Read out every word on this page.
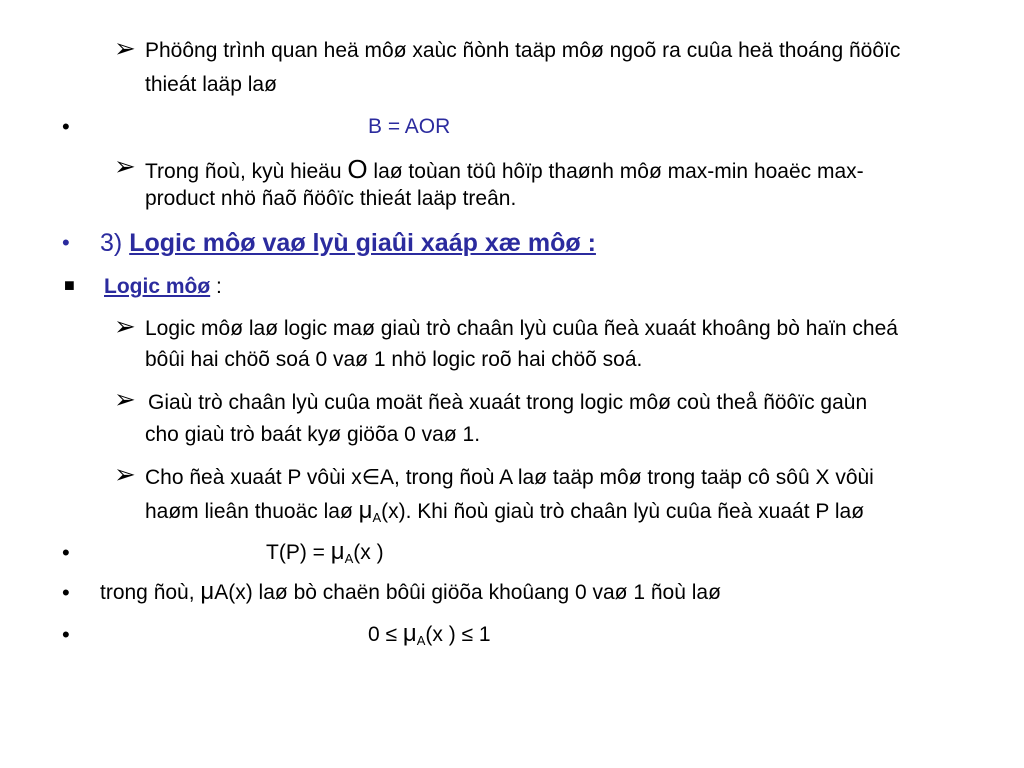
➢ Phöông trình quan heä môø xaùc ñònh taäp môø ngoõ ra cuûa heä thoáng ñöôïc
thieát laäp laø
•	B = AOR
➢ Trong ñoù, kyù hieäu O laø toùan töû hôïp thaønh môø max-min hoaëc max-
product nhö ñaõ ñöôïc thieát laäp treân.
• 3) Logic môø vaø lyù giaûi xaáp xæ môø :
■ Logic môø :
➢ Logic môø laø logic maø giaù trò chaân lyù cuûa ñeà xuaát khoâng bò haïn cheá
bôûi hai chöõ soá 0 vaø 1 nhö logic roõ hai chöõ soá.
➢ Giaù trò chaân lyù cuûa moät ñeà xuaát trong logic môø coù theå ñöôïc gaùn
cho giaù trò baát kyø giöõa 0 vaø 1.
➢ Cho ñeà xuaát P vôùi x∈A, trong ñoù A laø taäp môø trong taäp cô sôû X vôùi
haøm lieân thuoäc laø $\mu_A(x)$. Khi ñoù giaù trò chaân lyù cuûa ñeà xuaát P laø
•	$T(P) = \mu_A(x$ )
• trong ñoù, μA(x) laø bò chaën bôûi giöõa khoûang 0 vaø 1 ñoù laø
•	$0 \le \mu_A(x$ ) ≤ 1
